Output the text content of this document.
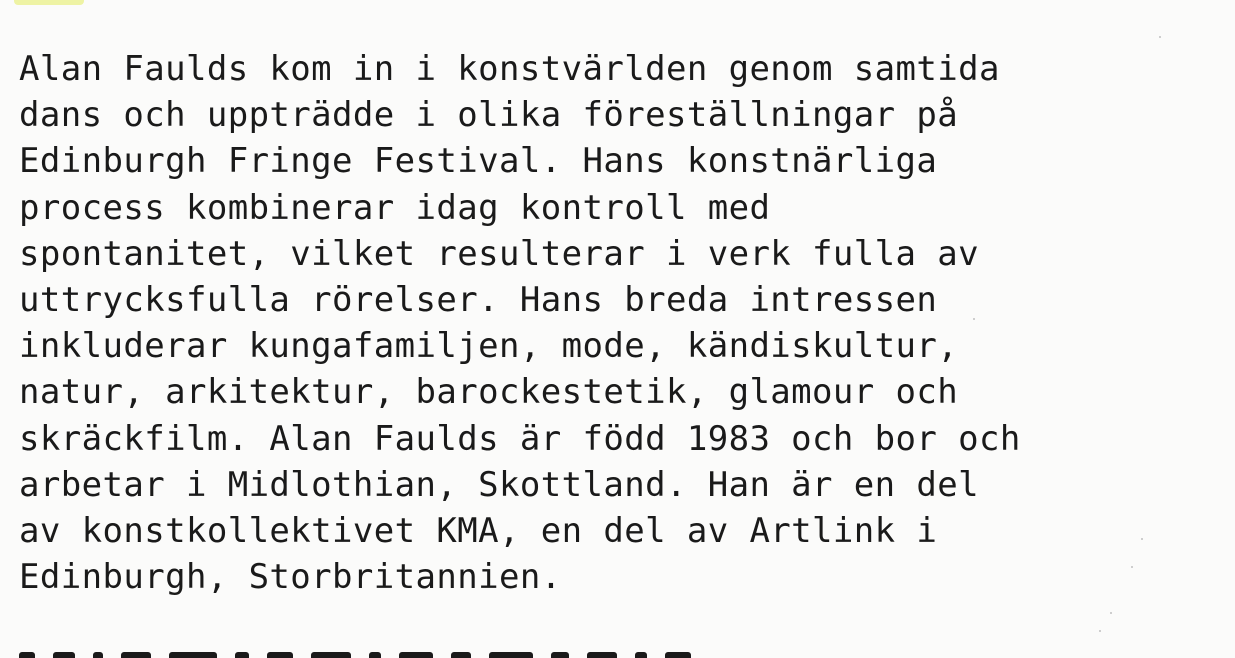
Alan Faulds kom in i konstvärlden genom samtida
dans och uppträdde i olika föreställningar på
Edinburgh Fringe Festival. Hans konstnärliga
process kombinerar idag kontroll med
spontanitet, vilket resulterar i verk fulla av
uttrycksfulla rörelser. Hans breda intressen
inkluderar kungafamiljen, mode, kändiskultur,
natur, arkitektur, barockestetik, glamour och
skräckfilm. Alan Faulds är född 1983 och bor och
arbetar i Midlothian, Skottland. Han är en del
av konstkollektivet KMA, en del av Artlink i
Edinburgh, Storbritannien.
